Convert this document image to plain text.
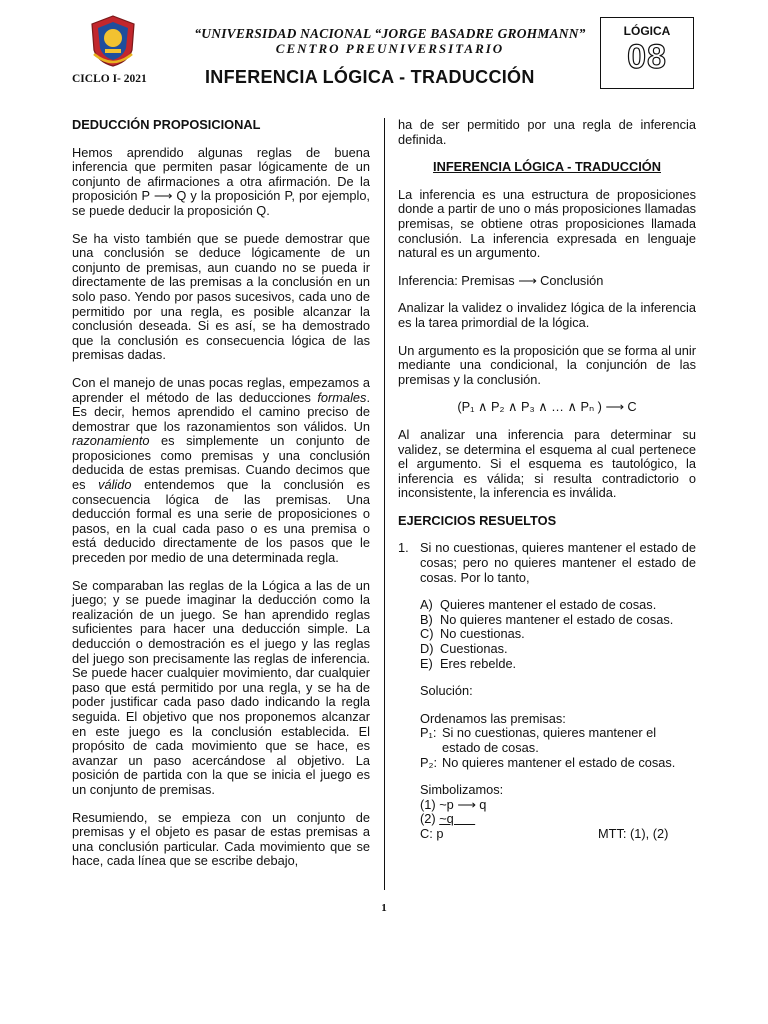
“UNIVERSIDAD NACIONAL “JORGE BASADRE GROHMANN”
CENTRO PREUNIVERSITARIO
CICLO I- 2021	INFERENCIA LÓGICA - TRADUCCIÓN
LÓGICA
08

DEDUCCIÓN PROPOSICIONAL

Hemos aprendido algunas reglas de buena inferencia que permiten pasar lógicamente de un conjunto de afirmaciones a otra afirmación. De la proposición P ⟶ Q y la proposición P, por ejemplo, se puede deducir la proposición Q.

Se ha visto también que se puede demostrar que una conclusión se deduce lógicamente de un conjunto de premisas, aun cuando no se pueda ir directamente de las premisas a la conclusión en un solo paso. Yendo por pasos sucesivos, cada uno de permitido por una regla, es posible alcanzar la conclusión deseada. Si es así, se ha demostrado que la conclusión es consecuencia lógica de las premisas dadas.

Con el manejo de unas pocas reglas, empezamos a aprender el método de las deducciones formales. Es decir, hemos aprendido el camino preciso de demostrar que los razonamientos son válidos. Un razonamiento es simplemente un conjunto de proposiciones como premisas y una conclusión deducida de estas premisas. Cuando decimos que es válido entendemos que la conclusión es consecuencia lógica de las premisas. Una deducción formal es una serie de proposiciones o pasos, en la cual cada paso o es una premisa o está deducido directamente de los pasos que le preceden por medio de una determinada regla.

Se comparaban las reglas de la Lógica a las de un juego; y se puede imaginar la deducción como la realización de un juego. Se han aprendido reglas suficientes para hacer una deducción simple. La deducción o demostración es el juego y las reglas del juego son precisamente las reglas de inferencia. Se puede hacer cualquier movimiento, dar cualquier paso que está permitido por una regla, y se ha de poder justificar cada paso dado indicando la regla seguida. El objetivo que nos proponemos alcanzar en este juego es la conclusión establecida. El propósito de cada movimiento que se hace, es avanzar un paso acercándose al objetivo. La posición de partida con la que se inicia el juego es un conjunto de premisas.

Resumiendo, se empieza con un conjunto de premisas y el objeto es pasar de estas premisas a una conclusión particular. Cada movimiento que se hace, cada línea que se escribe debajo,

ha de ser permitido por una regla de inferencia definida.

INFERENCIA LÓGICA - TRADUCCIÓN

La inferencia es una estructura de proposiciones donde a partir de uno o más proposiciones llamadas premisas, se obtiene otras proposiciones llamada conclusión. La inferencia expresada en lenguaje natural es un argumento.

Inferencia: Premisas ⟶ Conclusión

Analizar la validez o invalidez lógica de la inferencia es la tarea primordial de la lógica.

Un argumento es la proposición que se forma al unir mediante una condicional, la conjunción de las premisas y la conclusión.

(P₁ ∧ P₂ ∧ P₃ ∧ … ∧ Pₙ ) ⟶ C

Al analizar una inferencia para determinar su validez, se determina el esquema al cual pertenece el argumento. Si el esquema es tautológico, la inferencia es válida; si resulta contradictorio o inconsistente, la inferencia es inválida.

EJERCICIOS RESUELTOS

1. Si no cuestionas, quieres mantener el estado de cosas; pero no quieres mantener el estado de cosas. Por lo tanto,
A) Quieres mantener el estado de cosas.
B) No quieres mantener el estado de cosas.
C) No cuestionas.
D) Cuestionas.
E) Eres rebelde.

Solución:

Ordenamos las premisas:
P₁: Si no cuestionas, quieres mantener el estado de cosas.
P₂: No quieres mantener el estado de cosas.
Simbolizamos:
(1) ~p ⟶ q
(2) ~q
C: p	MTT: (1), (2)
1
